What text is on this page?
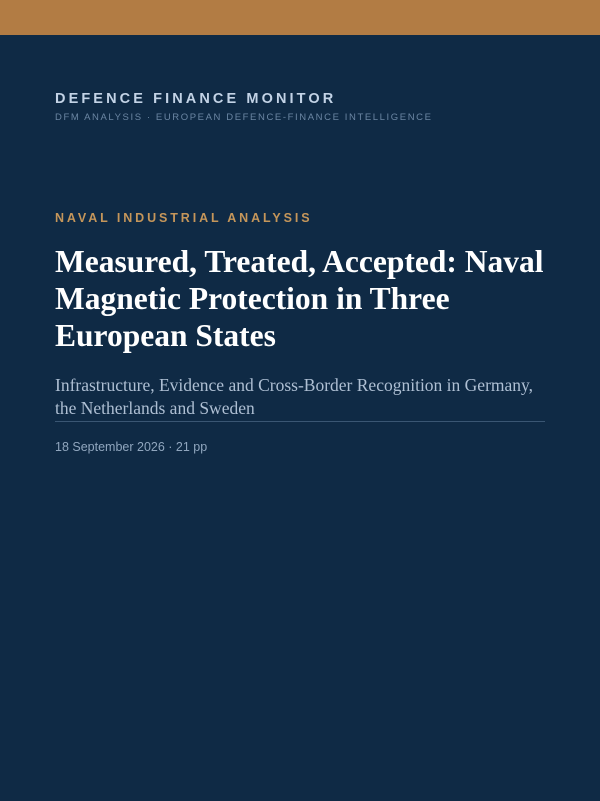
DEFENCE FINANCE MONITOR
DFM ANALYSIS · EUROPEAN DEFENCE-FINANCE INTELLIGENCE
NAVAL INDUSTRIAL ANALYSIS
Measured, Treated, Accepted: Naval Magnetic Protection in Three European States
Infrastructure, Evidence and Cross-Border Recognition in Germany, the Netherlands and Sweden
18 September 2026 · 21 pp
